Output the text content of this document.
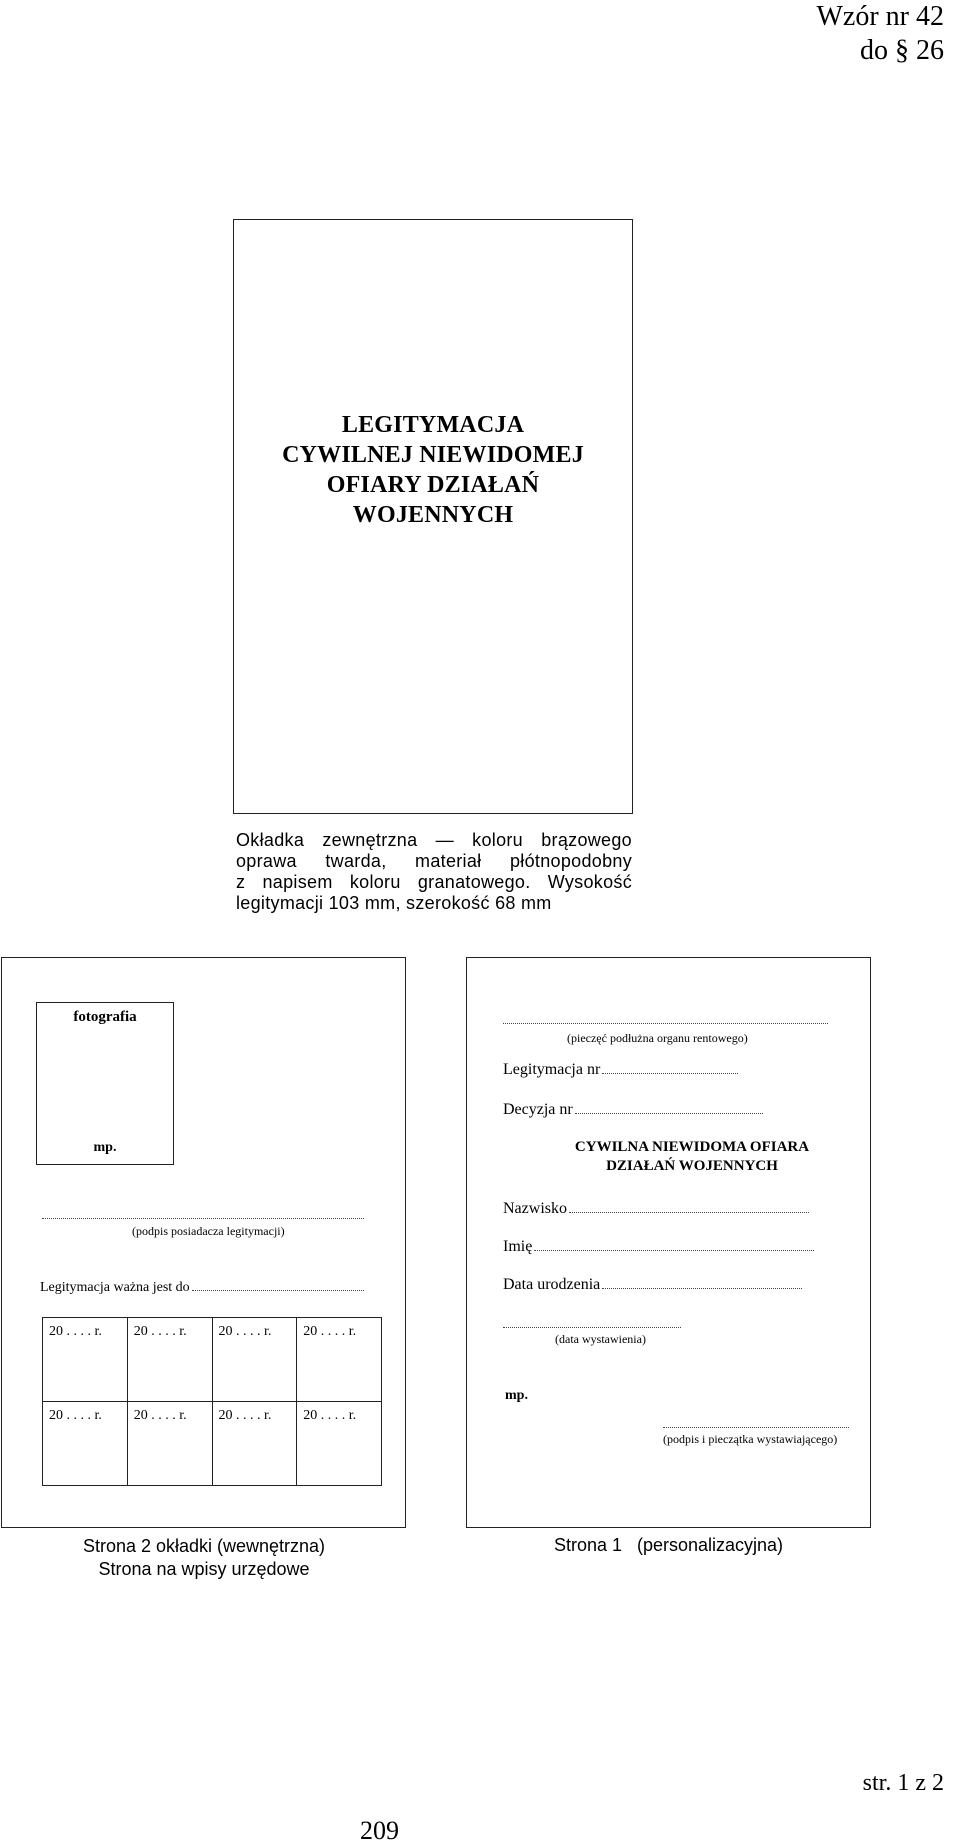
Wzór nr 42
do § 26
LEGITYMACJA
CYWILNEJ NIEWIDOMEJ
OFIARY DZIAŁAŃ
WOJENNYCH
Okładka zewnętrzna — koloru brązowego
oprawa twarda, materiał płótnopodobny
z napisem koloru granatowego. Wysokość
legitymacji 103 mm, szerokość 68 mm
fotografia
mp.
(podpis posiadacza legitymacji)
Legitymacja ważna jest do
20 . . . . r.	20 . . . . r.	20 . . . . r.	20 . . . . r.
20 . . . . r.	20 . . . . r.	20 . . . . r.	20 . . . . r.
Strona 2 okładki (wewnętrzna)
Strona na wpisy urzędowe
(pieczęć podłużna organu rentowego)
Legitymacja nr
Decyzja nr
CYWILNA NIEWIDOMA OFIARA
DZIAŁAŃ WOJENNYCH
Nazwisko
Imię
Data urodzenia
(data wystawienia)
mp.
(podpis i pieczątka wystawiającego)
Strona 1   (personalizacyjna)
str. 1 z 2
209
